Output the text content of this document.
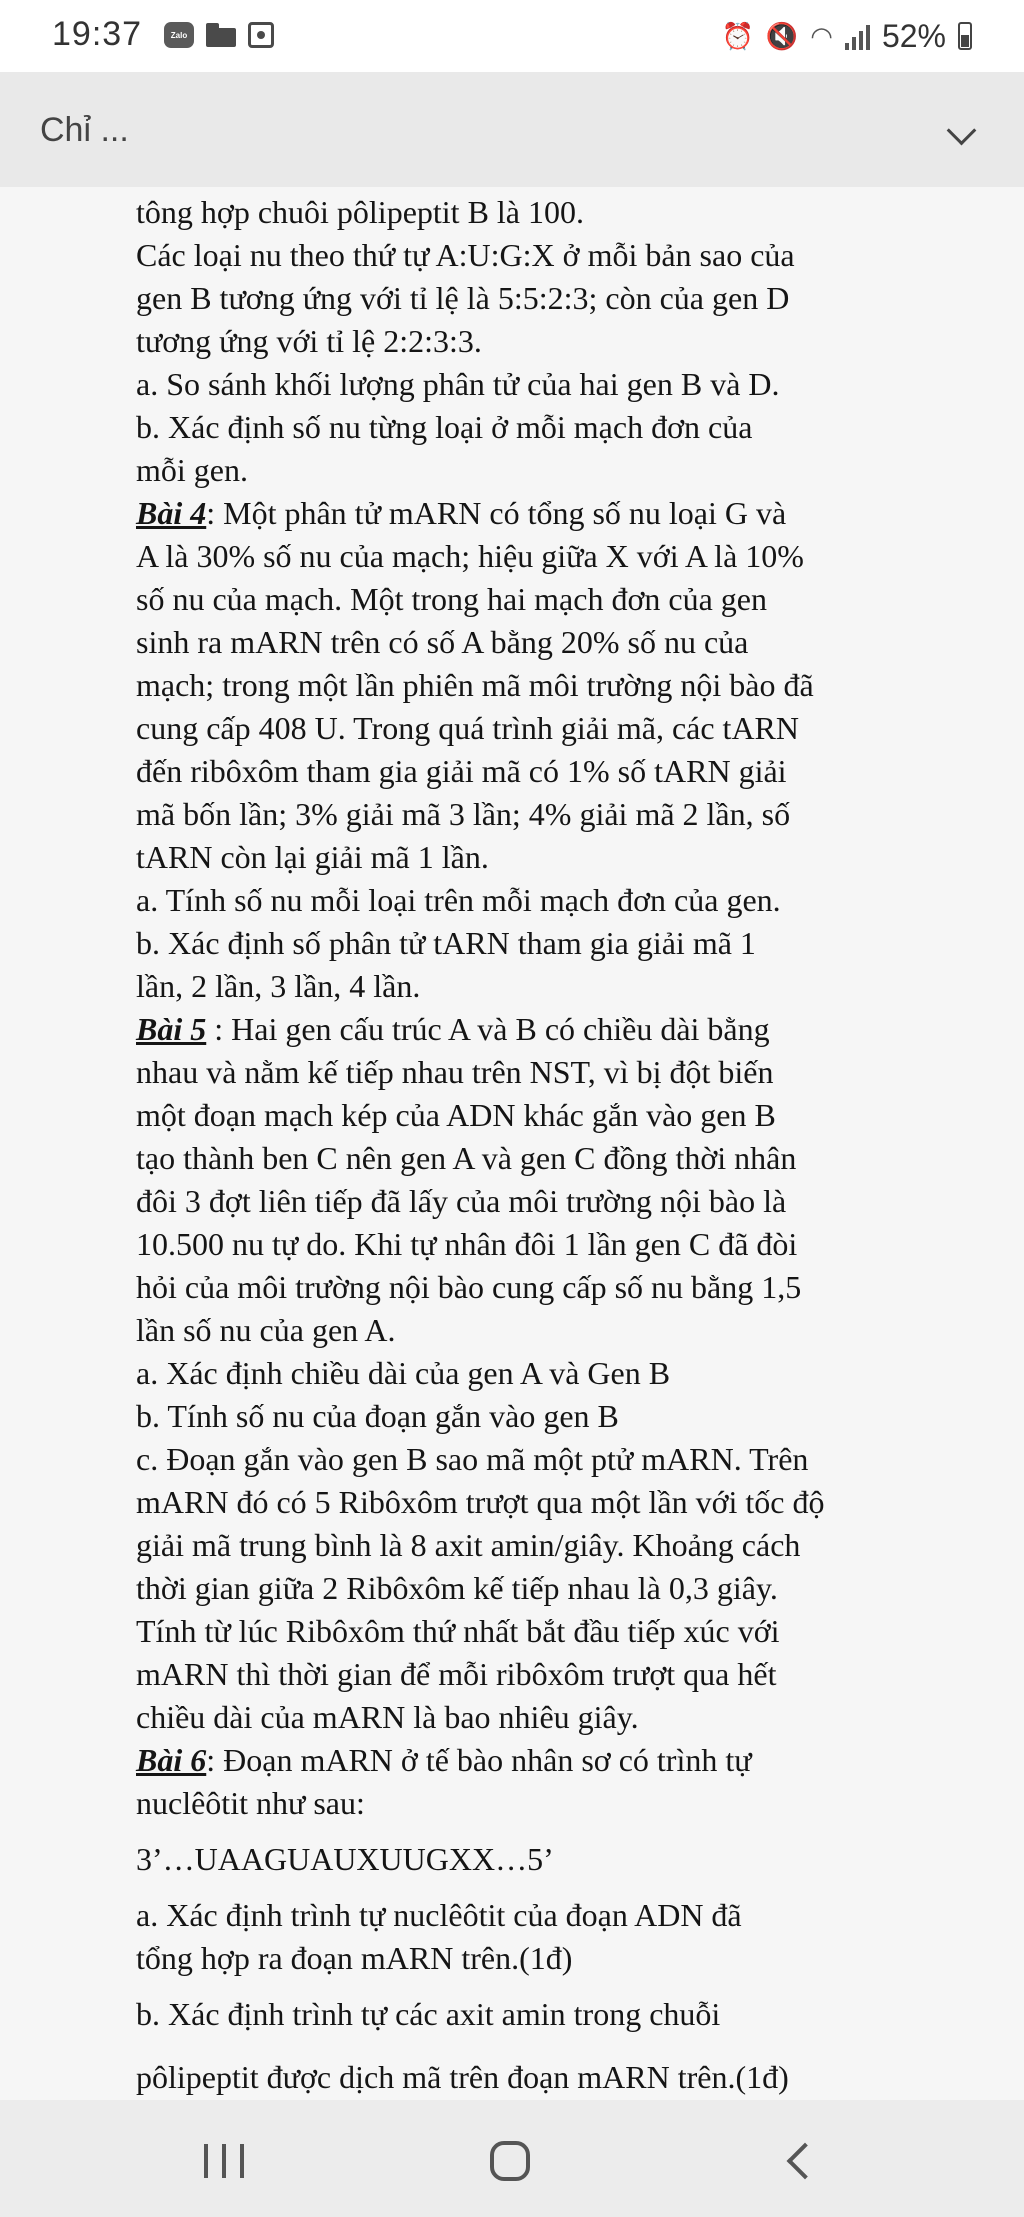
19:37	Zalo	⏰ 🔇 ◠ 52%
Chỉ ...
tông hợp chuôi pôlipeptit B là 100.
Các loại nu theo thứ tự A:U:G:X ở mỗi bản sao của
gen B tương ứng với tỉ lệ là 5:5:2:3; còn của gen D
tương ứng với tỉ lệ 2:2:3:3.
a. So sánh khối lượng phân tử của hai gen B và D.
b. Xác định số nu từng loại ở mỗi mạch đơn của
mỗi gen.
Bài 4: Một phân tử mARN có tổng số nu loại G và
A là 30% số nu của mạch; hiệu giữa X với A là 10%
số nu của mạch. Một trong hai mạch đơn của gen
sinh ra mARN trên có số A bằng 20% số nu của
mạch; trong một lần phiên mã môi trường nội bào đã
cung cấp 408 U. Trong quá trình giải mã, các tARN
đến ribôxôm tham gia giải mã có 1% số tARN giải
mã bốn lần; 3% giải mã 3 lần; 4% giải mã 2 lần, số
tARN còn lại giải mã 1 lần.
a. Tính số nu mỗi loại trên mỗi mạch đơn của gen.
b. Xác định số phân tử tARN tham gia giải mã 1
lần, 2 lần, 3 lần, 4 lần.
Bài 5 : Hai gen cấu trúc A và B có chiều dài bằng
nhau và nằm kế tiếp nhau trên NST, vì bị đột biến
một đoạn mạch kép của ADN khác gắn vào gen B
tạo thành ben C nên gen A và gen C đồng thời nhân
đôi 3 đợt liên tiếp đã lấy của môi trường nội bào là
10.500 nu tự do. Khi tự nhân đôi 1 lần gen C đã đòi
hỏi của môi trường nội bào cung cấp số nu bằng 1,5
lần số nu của gen A.
a. Xác định chiều dài của gen A và Gen B
b. Tính số nu của đoạn gắn vào gen B
c. Đoạn gắn vào gen B sao mã một ptử mARN. Trên
mARN đó có 5 Ribôxôm trượt qua một lần với tốc độ
giải mã trung bình là 8 axit amin/giây. Khoảng cách
thời gian giữa 2 Ribôxôm kế tiếp nhau là 0,3 giây.
Tính từ lúc Ribôxôm thứ nhất bắt đầu tiếp xúc với
mARN thì thời gian để mỗi ribôxôm trượt qua hết
chiều dài của mARN là bao nhiêu giây.
Bài 6: Đoạn mARN ở tế bào nhân sơ có trình tự
nuclêôtit như sau:
3’…UAAGUAUXUUGXX…5’
a. Xác định trình tự nuclêôtit của đoạn ADN đã
tổng hợp ra đoạn mARN trên.(1đ)
b. Xác định trình tự các axit amin trong chuỗi
pôlipeptit được dịch mã trên đoạn mARN trên.(1đ)
